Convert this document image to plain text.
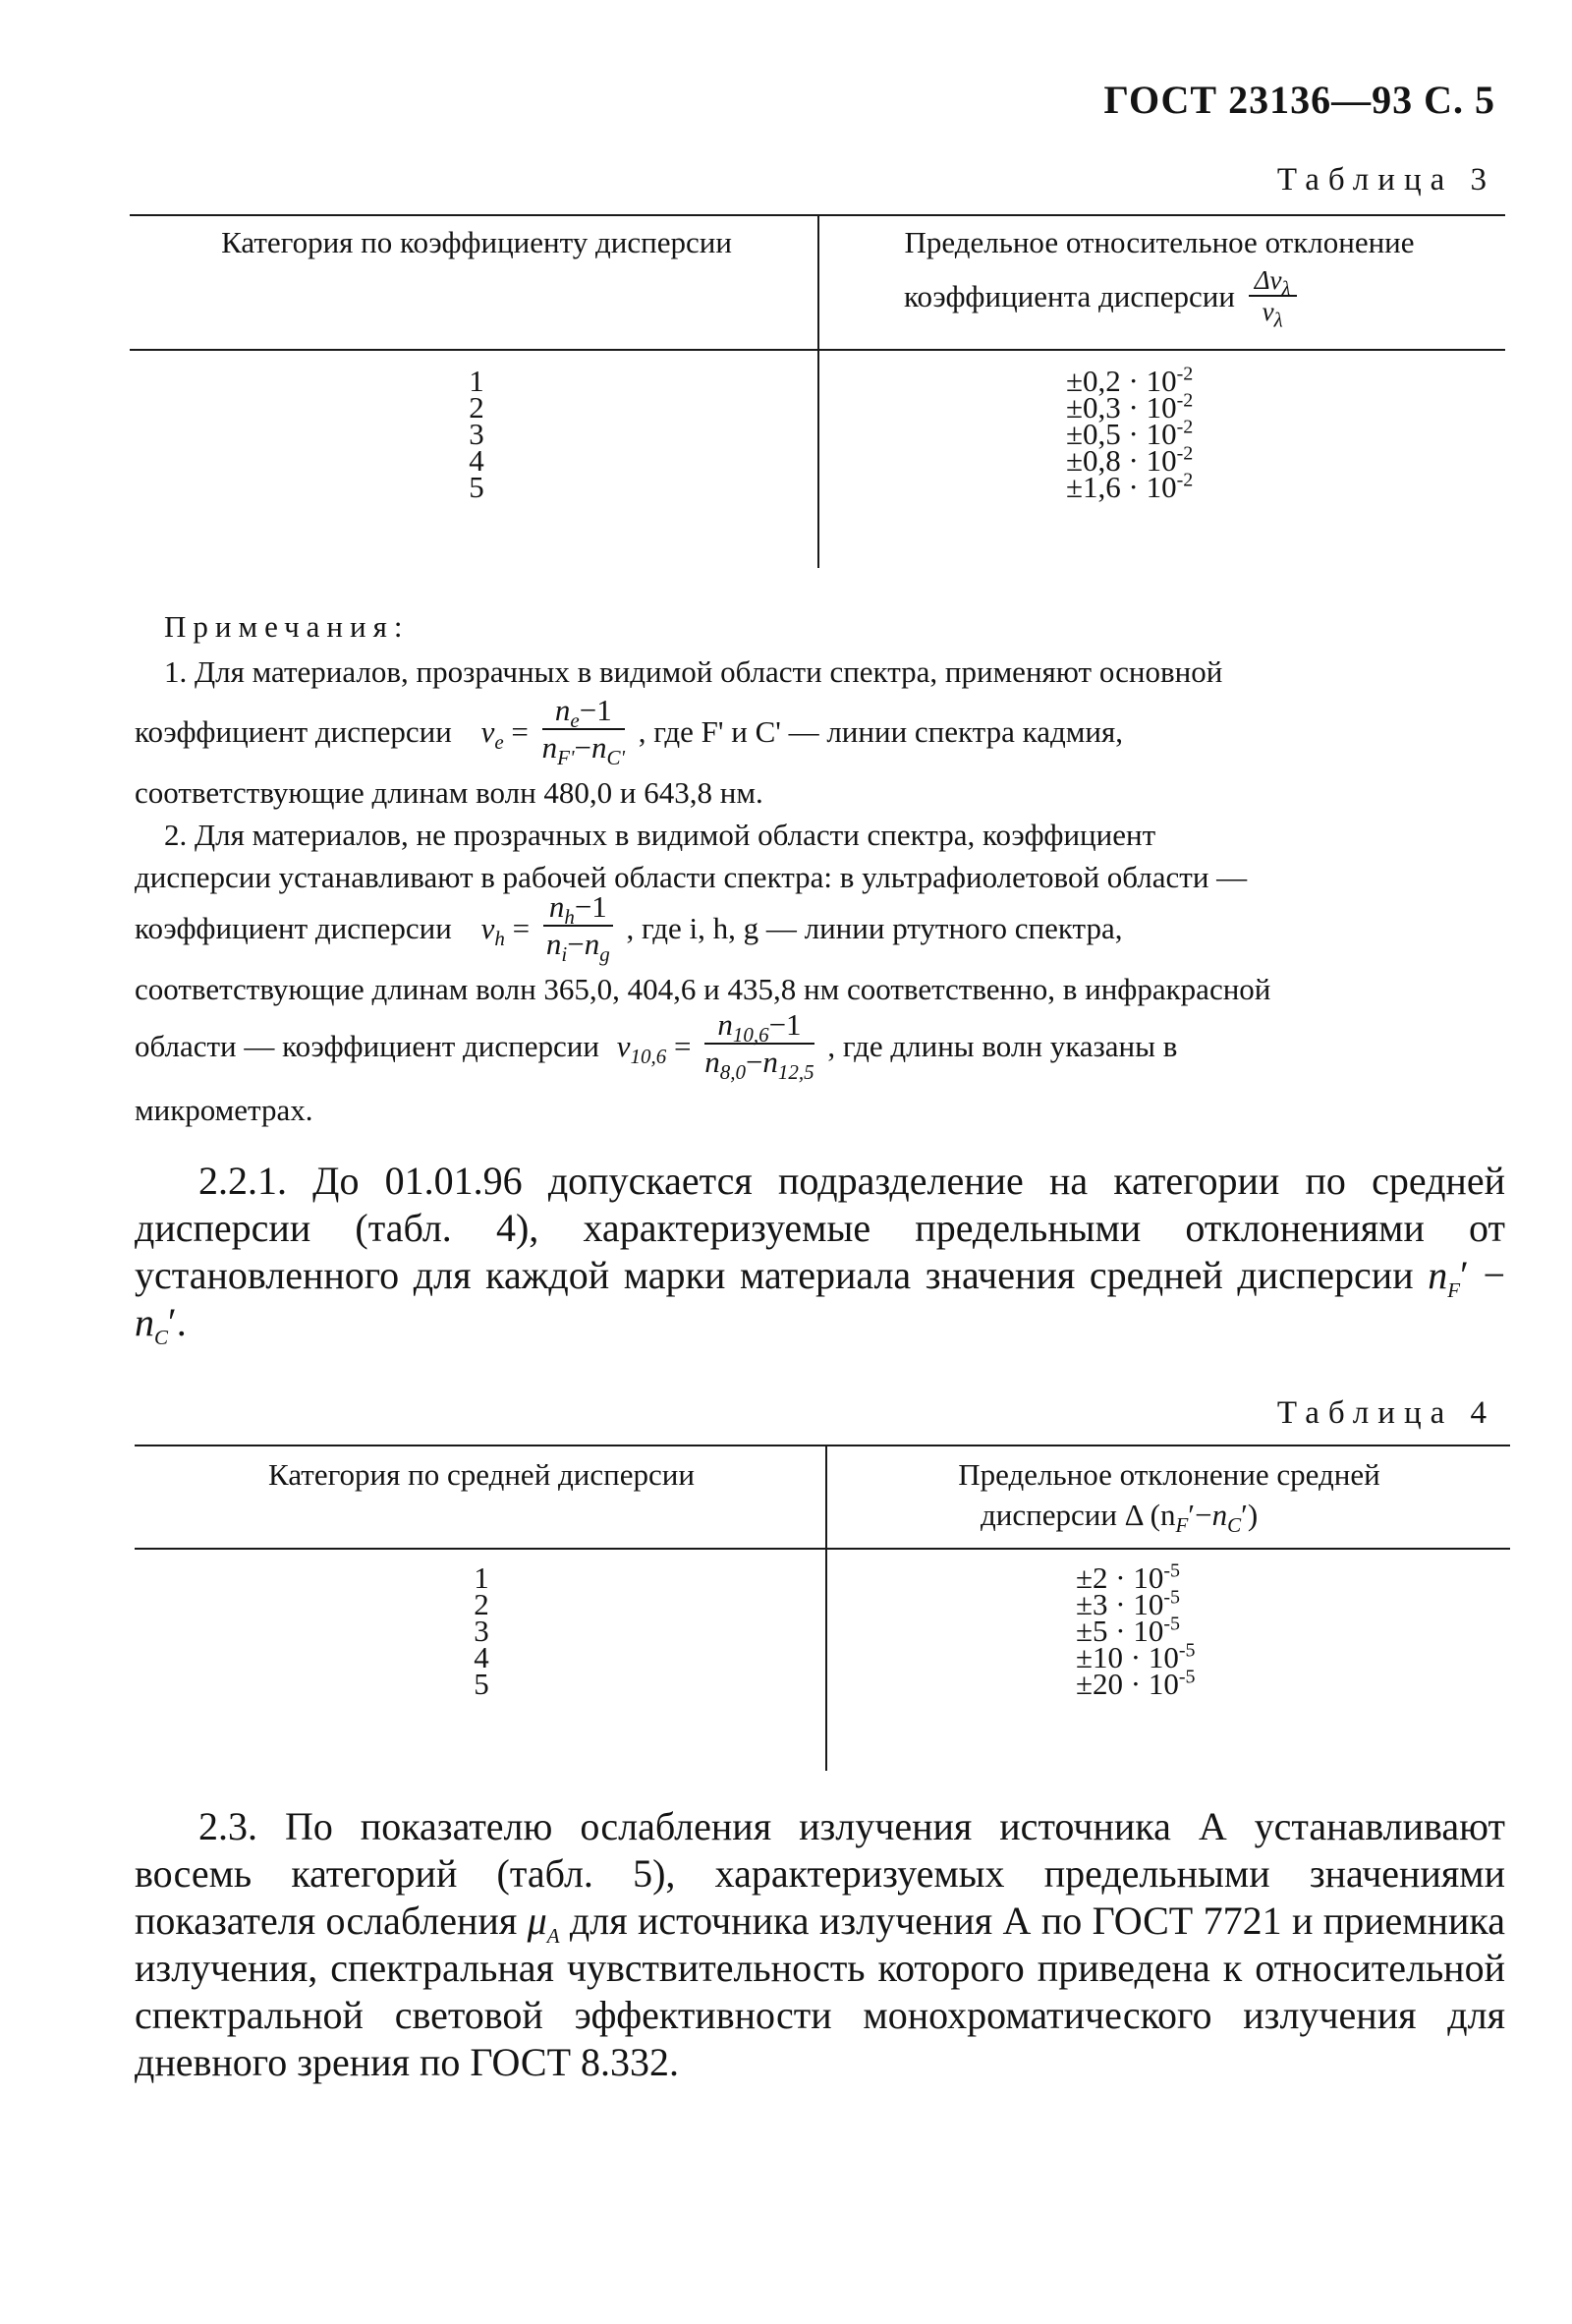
ГОСТ 23136—93 С. 5
Таблица 3
Категория по коэффициенту дисперсии	Предельное относительное отклонение
коэффициента дисперсии $\frac{\Delta\nu_\lambda}{\nu_\lambda}$
1	$\pm 0,2 \cdot 10^{-2}$
2	$\pm 0,3 \cdot 10^{-2}$
3	$\pm 0,5 \cdot 10^{-2}$
4	$\pm 0,8 \cdot 10^{-2}$
5	$\pm 1,6 \cdot 10^{-2}$
Примечания:
1. Для материалов, прозрачных в видимой области спектра, применяют основной
коэффициент дисперсии $\nu_e = \frac{n_e-1}{n_{F'}-n_{C'}}$ , где F' и C' — линии спектра кадмия,
соответствующие длинам волн 480,0 и 643,8 нм.
2. Для материалов, не прозрачных в видимой области спектра, коэффициент
дисперсии устанавливают в рабочей области спектра: в ультрафиолетовой области —
коэффициент дисперсии $\nu_h = \frac{n_h-1}{n_i-n_g}$ , где i, h, g — линии ртутного спектра,
соответствующие длинам волн 365,0, 404,6 и 435,8 нм соответственно, в инфракрасной
области — коэффициент дисперсии $\nu_{10,6} = \frac{n_{10,6}-1}{n_{8,0}-n_{12,5}}$ , где длины волн указаны в
микрометрах.
2.2.1. До 01.01.96 допускается подразделение на категории по средней дисперсии (табл. 4), характеризуемые предельными отклонениями от установленного для каждой марки материала значения средней дисперсии $n_F' - n_C'$.
Таблица 4
Категория по средней дисперсии	Предельное отклонение средней
дисперсии Δ $(n_F'-n_C')$
1	$\pm 2 \cdot 10^{-5}$
2	$\pm 3 \cdot 10^{-5}$
3	$\pm 5 \cdot 10^{-5}$
4	$\pm 10 \cdot 10^{-5}$
5	$\pm 20 \cdot 10^{-5}$
2.3. По показателю ослабления излучения источника А устанавливают восемь категорий (табл. 5), характеризуемых предельными значениями показателя ослабления $\mu_A$ для источника излучения А по ГОСТ 7721 и приемника излучения, спектральная чувствительность которого приведена к относительной спектральной световой эффективности монохроматического излучения для дневного зрения по ГОСТ 8.332.
